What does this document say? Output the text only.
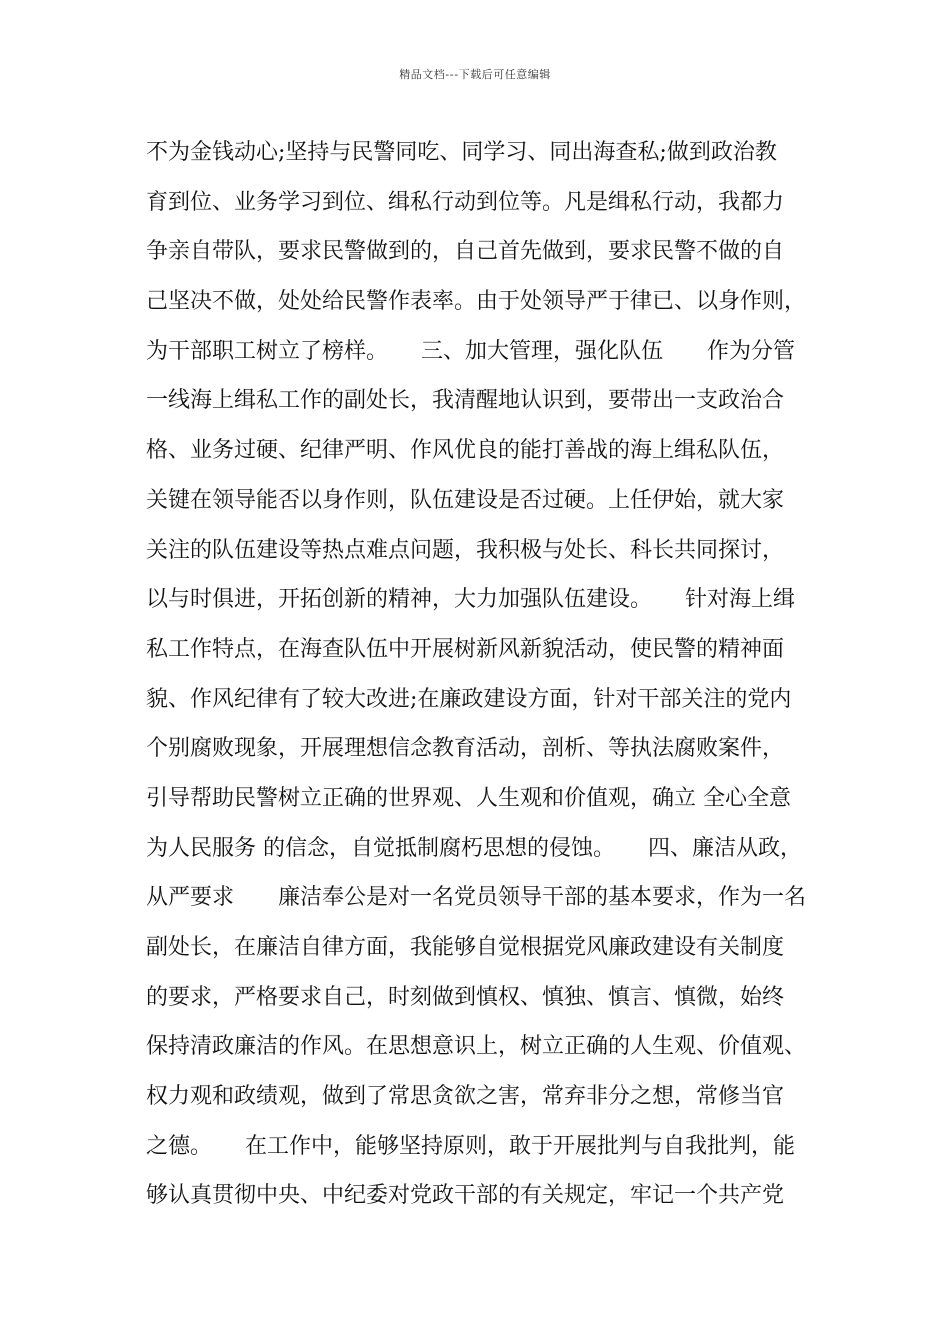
精品文档---下载后可任意编辑
不为金钱动心;坚持与民警同吃、同学习、同出海查私;做到政治教
育到位、业务学习到位、缉私行动到位等。凡是缉私行动，我都力
争亲自带队，要求民警做到的，自己首先做到，要求民警不做的自
己坚决不做，处处给民警作表率。由于处领导严于律已、以身作则，
为干部职工树立了榜样。　　三、加大管理，强化队伍　　作为分管
一线海上缉私工作的副处长，我清醒地认识到，要带出一支政治合
格、业务过硬、纪律严明、作风优良的能打善战的海上缉私队伍，
关键在领导能否以身作则，队伍建设是否过硬。上任伊始，就大家
关注的队伍建设等热点难点问题，我积极与处长、科长共同探讨，
以与时俱进，开拓创新的精神，大力加强队伍建设。　　针对海上缉
私工作特点，在海查队伍中开展树新风新貌活动，使民警的精神面
貌、作风纪律有了较大改进;在廉政建设方面，针对干部关注的党内
个别腐败现象，开展理想信念教育活动，剖析、等执法腐败案件，
引导帮助民警树立正确的世界观、人生观和价值观，确立 全心全意
为人民服务 的信念，自觉抵制腐朽思想的侵蚀。　　四、廉洁从政，
从严要求　　廉洁奉公是对一名党员领导干部的基本要求，作为一名
副处长，在廉洁自律方面，我能够自觉根据党风廉政建设有关制度
的要求，严格要求自己，时刻做到慎权、慎独、慎言、慎微，始终
保持清政廉洁的作风。在思想意识上，树立正确的人生观、价值观、
权力观和政绩观，做到了常思贪欲之害，常弃非分之想，常修当官
之德。　　在工作中，能够坚持原则，敢于开展批判与自我批判，能
够认真贯彻中央、中纪委对党政干部的有关规定，牢记一个共产党
